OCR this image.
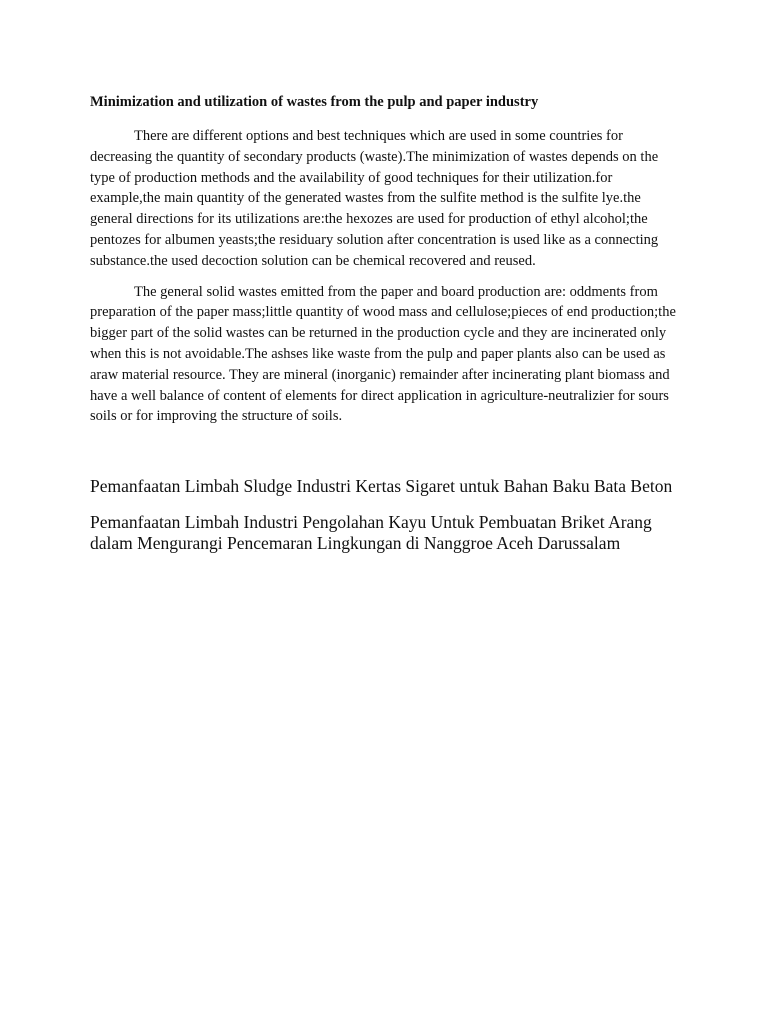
Minimization and utilization of wastes from the pulp and paper industry

There are different options and best techniques which are used in some countries for decreasing the quantity of secondary products (waste).The minimization of wastes depends on the type of production methods and the availability of good techniques for their utilization.for example,the main quantity of the generated wastes from the sulfite method is the sulfite lye.the general directions for its utilizations are:the hexozes are used for production of ethyl alcohol;the pentozes for albumen yeasts;the residuary solution after concentration is used like as a connecting substance.the used decoction solution can be chemical recovered and reused.

The general solid wastes emitted from the paper and board production are: oddments from preparation of the paper mass;little quantity of wood mass and cellulose;pieces of end production;the bigger part of the solid wastes can be returned in the production cycle and they are incinerated only when this is not avoidable.The ashses like waste from the pulp and paper plants also can be used as araw material resource. They are mineral (inorganic) remainder after incinerating plant biomass and have a well balance of content of elements for direct application in agriculture-neutralizier for sours soils or for improving the structure of soils.

Pemanfaatan Limbah Sludge Industri Kertas Sigaret untuk Bahan Baku Bata Beton

Pemanfaatan Limbah Industri Pengolahan Kayu Untuk Pembuatan Briket Arang dalam Mengurangi Pencemaran Lingkungan di Nanggroe Aceh Darussalam
